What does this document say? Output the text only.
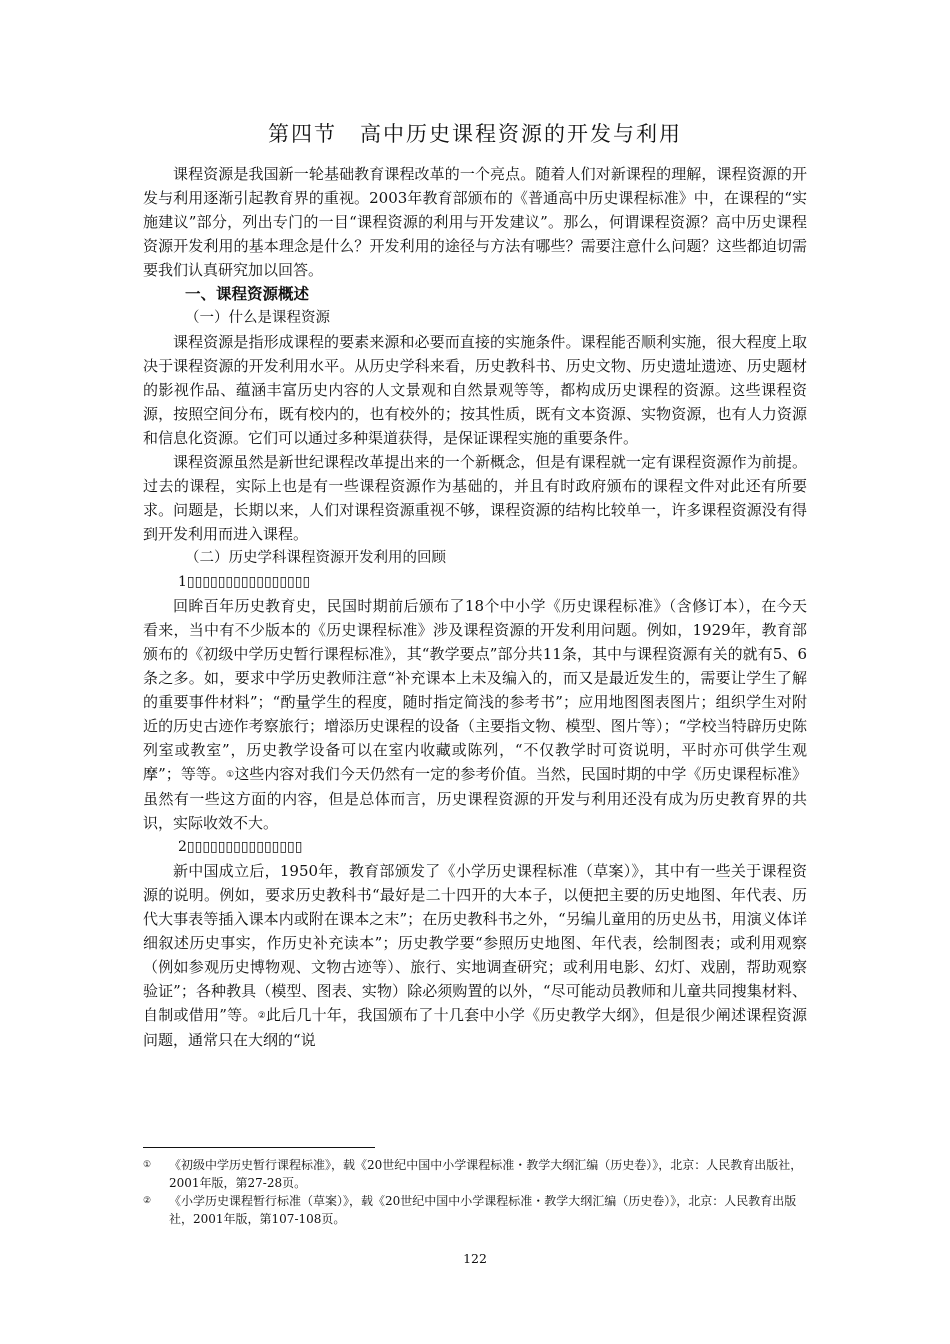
第四节　高中历史课程资源的开发与利用

课程资源是我国新一轮基础教育课程改革的一个亮点。随着人们对新课程的理解，课程资源的开发与利用逐渐引起教育界的重视。2003年教育部颁布的《普通高中历史课程标准》中，在课程的“实施建议”部分，列出专门的一目“课程资源的利用与开发建议”。那么，何谓课程资源？高中历史课程资源开发利用的基本理念是什么？开发利用的途径与方法有哪些？需要注意什么问题？这些都迫切需要我们认真研究加以回答。

一、课程资源概述

（一）什么是课程资源

课程资源是指形成课程的要素来源和必要而直接的实施条件。课程能否顺利实施，很大程度上取决于课程资源的开发利用水平。从历史学科来看，历史教科书、历史文物、历史遗址遗迹、历史题材的影视作品、蕴涵丰富历史内容的人文景观和自然景观等等，都构成历史课程的资源。这些课程资源，按照空间分布，既有校内的，也有校外的；按其性质，既有文本资源、实物资源，也有人力资源和信息化资源。它们可以通过多种渠道获得，是保证课程实施的重要条件。

课程资源虽然是新世纪课程改革提出来的一个新概念，但是有课程就一定有课程资源作为前提。过去的课程，实际上也是有一些课程资源作为基础的，并且有时政府颁布的课程文件对此还有所要求。问题是，长期以来，人们对课程资源重视不够，课程资源的结构比较单一，许多课程资源没有得到开发利用而进入课程。

（二）历史学科课程资源开发利用的回顾

1▯▯▯▯▯▯▯▯▯▯▯▯▯▯▯▯

回眸百年历史教育史，民国时期前后颁布了18个中小学《历史课程标准》（含修订本），在今天看来，当中有不少版本的《历史课程标准》涉及课程资源的开发利用问题。例如，1929年，教育部颁布的《初级中学历史暂行课程标准》，其“教学要点”部分共11条，其中与课程资源有关的就有5、6条之多。如，要求中学历史教师注意“补充课本上未及编入的，而又是最近发生的，需要让学生了解的重要事件材料”；“酌量学生的程度，随时指定简浅的参考书”；应用地图图表图片；组织学生对附近的历史古迹作考察旅行；增添历史课程的设备（主要指文物、模型、图片等）；“学校当特辟历史陈列室或教室”，历史教学设备可以在室内收藏或陈列，“不仅教学时可资说明，平时亦可供学生观摩”；等等。①这些内容对我们今天仍然有一定的参考价值。当然，民国时期的中学《历史课程标准》虽然有一些这方面的内容，但是总体而言，历史课程资源的开发与利用还没有成为历史教育界的共识，实际收效不大。

2▯▯▯▯▯▯▯▯▯▯▯▯▯▯▯

新中国成立后，1950年，教育部颁发了《小学历史课程标准（草案）》，其中有一些关于课程资源的说明。例如，要求历史教科书“最好是二十四开的大本子，以便把主要的历史地图、年代表、历代大事表等插入课本内或附在课本之末”；在历史教科书之外，“另编儿童用的历史丛书，用演义体详细叙述历史事实，作历史补充读本”；历史教学要“参照历史地图、年代表，绘制图表；或利用观察（例如参观历史博物观、文物古迹等）、旅行、实地调查研究；或利用电影、幻灯、戏剧，帮助观察验证”；各种教具（模型、图表、实物）除必须购置的以外，“尽可能动员教师和儿童共同搜集材料、自制或借用”等。②此后几十年，我国颁布了十几套中小学《历史教学大纲》，但是很少阐述课程资源问题，通常只在大纲的“说

① 《初级中学历史暂行课程标准》，载《20世纪中国中小学课程标准・教学大纲汇编（历史卷）》，北京：人民教育出版社，2001年版，第27-28页。

② 《小学历史课程暂行标准（草案）》，载《20世纪中国中小学课程标准・教学大纲汇编（历史卷）》，北京：人民教育出版社，2001年版，第107-108页。

122
